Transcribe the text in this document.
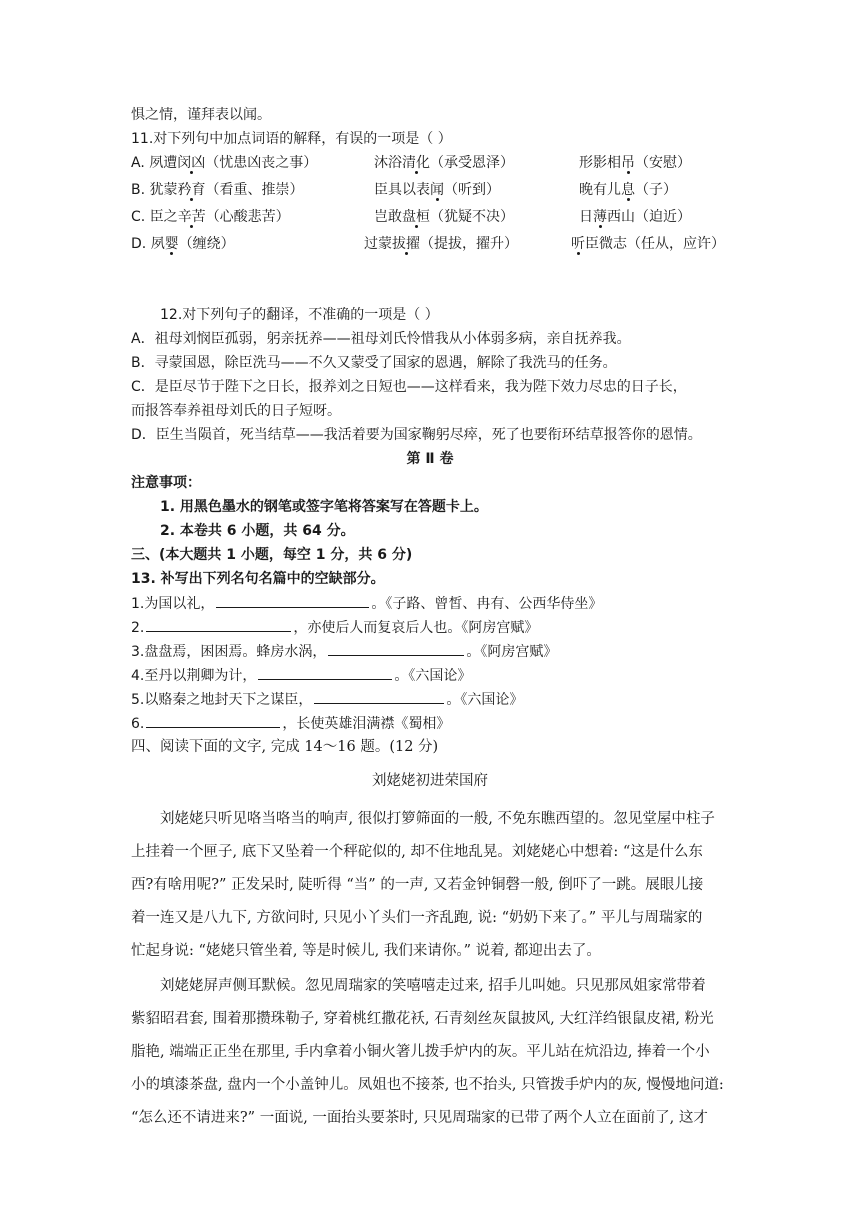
惧之情，谨拜表以闻。
11.对下列句中加点词语的解释，有误的一项是（ ）
A. 夙遭闵凶（忧患凶丧之事）	沐浴清化（承受恩泽）	形影相吊（安慰）
B. 犹蒙矜育（看重、推崇）	臣具以表闻（听到）	晚有儿息（子）
C. 臣之辛苦（心酸悲苦）	岂敢盘桓（犹疑不决）	日薄西山（迫近）
D. 夙婴（缠绕）	过蒙拔擢（提拔，擢升）	听臣微志（任从，应许）
12.对下列句子的翻译，不准确的一项是（ ）
A．祖母刘悯臣孤弱，躬亲抚养——祖母刘氏怜惜我从小体弱多病，亲自抚养我。
B．寻蒙国恩，除臣洗马——不久又蒙受了国家的恩遇，解除了我洗马的任务。
C．是臣尽节于陛下之日长，报养刘之日短也——这样看来，我为陛下效力尽忠的日子长，
而报答奉养祖母刘氏的日子短呀。
D．臣生当陨首，死当结草——我活着要为国家鞠躬尽瘁，死了也要衔环结草报答你的恩情。
第 Ⅱ 卷
注意事项：
1. 用黑色墨水的钢笔或签字笔将答案写在答题卡上。
2. 本卷共 6 小题，共 64 分。
三、(本大题共 1 小题，每空 1 分，共 6 分)
13. 补写出下列名句名篇中的空缺部分。
1.为国以礼，	。《子路、曾皙、冉有、公西华侍坐》
2.	，亦使后人而复哀后人也。《阿房宫赋》
3.盘盘焉，困困焉。蜂房水涡，	。《阿房宫赋》
4.至丹以荆卿为计，	。《六国论》
5.以赂秦之地封天下之谋臣，	。《六国论》
6.	，长使英雄泪满襟《蜀相》
四、阅读下面的文字, 完成 14～16 题。(12 分)
刘姥姥初进荣国府
刘姥姥只听见咯当咯当的响声, 很似打箩筛面的一般, 不免东瞧西望的。忽见堂屋中柱子
上挂着一个匣子, 底下又坠着一个秤砣似的, 却不住地乱晃。刘姥姥心中想着: “这是什么东
西?有啥用呢?” 正发呆时, 陡听得 “当” 的一声, 又若金钟铜磬一般, 倒吓了一跳。展眼儿接
着一连又是八九下, 方欲问时, 只见小丫头们一齐乱跑, 说: “奶奶下来了。” 平儿与周瑞家的
忙起身说: “姥姥只管坐着, 等是时候儿, 我们来请你。” 说着, 都迎出去了。
刘姥姥屏声侧耳默候。忽见周瑞家的笑嘻嘻走过来, 招手儿叫她。只见那凤姐家常带着
紫貂昭君套, 围着那攒珠勒子, 穿着桃红撒花袄, 石青刻丝灰鼠披风, 大红洋绉银鼠皮裙, 粉光
脂艳, 端端正正坐在那里, 手内拿着小铜火箸儿拨手炉内的灰。平儿站在炕沿边, 捧着一个小
小的填漆茶盘, 盘内一个小盖钟儿。凤姐也不接茶, 也不抬头, 只管拨手炉内的灰, 慢慢地问道:
“怎么还不请进来?” 一面说, 一面抬头要茶时, 只见周瑞家的已带了两个人立在面前了, 这才
